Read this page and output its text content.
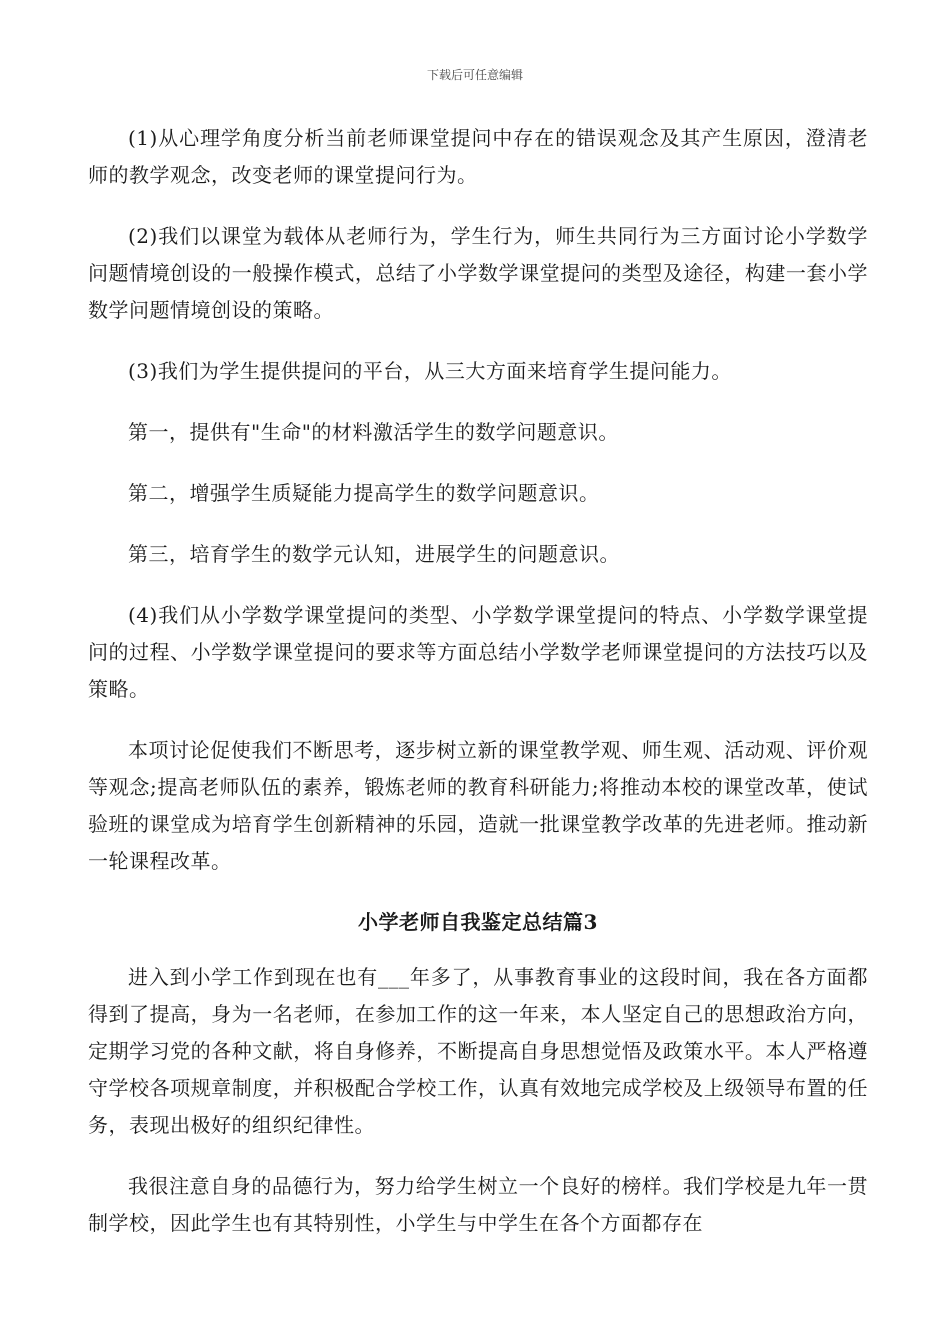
下载后可任意编辑

(1)从心理学角度分析当前老师课堂提问中存在的错误观念及其产生原因，澄清老师的教学观念，改变老师的课堂提问行为。

(2)我们以课堂为载体从老师行为，学生行为，师生共同行为三方面讨论小学数学问题情境创设的一般操作模式，总结了小学数学课堂提问的类型及途径，构建一套小学数学问题情境创设的策略。

(3)我们为学生提供提问的平台，从三大方面来培育学生提问能力。

第一，提供有"生命"的材料激活学生的数学问题意识。

第二，增强学生质疑能力提高学生的数学问题意识。

第三，培育学生的数学元认知，进展学生的问题意识。

(4)我们从小学数学课堂提问的类型、小学数学课堂提问的特点、小学数学课堂提问的过程、小学数学课堂提问的要求等方面总结小学数学老师课堂提问的方法技巧以及策略。

本项讨论促使我们不断思考，逐步树立新的课堂教学观、师生观、活动观、评价观等观念;提高老师队伍的素养，锻炼老师的教育科研能力;将推动本校的课堂改革，使试验班的课堂成为培育学生创新精神的乐园，造就一批课堂教学改革的先进老师。推动新一轮课程改革。

小学老师自我鉴定总结篇3

进入到小学工作到现在也有___年多了，从事教育事业的这段时间，我在各方面都得到了提高，身为一名老师，在参加工作的这一年来，本人坚定自己的思想政治方向，定期学习党的各种文献，将自身修养，不断提高自身思想觉悟及政策水平。本人严格遵守学校各项规章制度，并积极配合学校工作，认真有效地完成学校及上级领导布置的任务，表现出极好的组织纪律性。

我很注意自身的品德行为，努力给学生树立一个良好的榜样。我们学校是九年一贯制学校，因此学生也有其特别性，小学生与中学生在各个方面都存在
